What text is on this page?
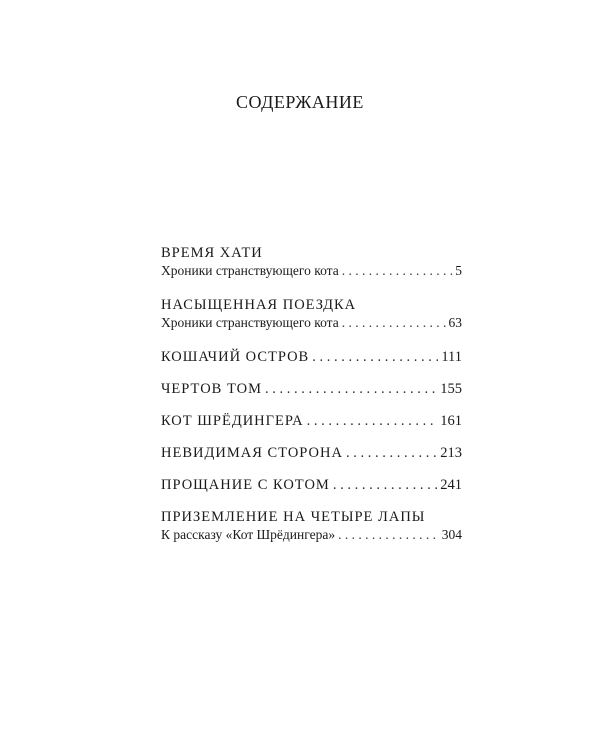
СОДЕРЖАНИЕ
ВРЕМЯ ХАТИ
Хроники странствующего кота . . .	5
НАСЫЩЕННАЯ ПОЕЗДКА
Хроники странствующего кота . . .	63
КОШАЧИЙ ОСТРОВ . . .	111
ЧЕРТОВ ТОМ . . .	155
КОТ ШРЁДИНГЕРА . . .	161
НЕВИДИМАЯ СТОРОНА . . .	213
ПРОЩАНИЕ С КОТОМ . . .	241
ПРИЗЕМЛЕНИЕ НА ЧЕТЫРЕ ЛАПЫ
К рассказу «Кот Шрёдингера» . . .	304
